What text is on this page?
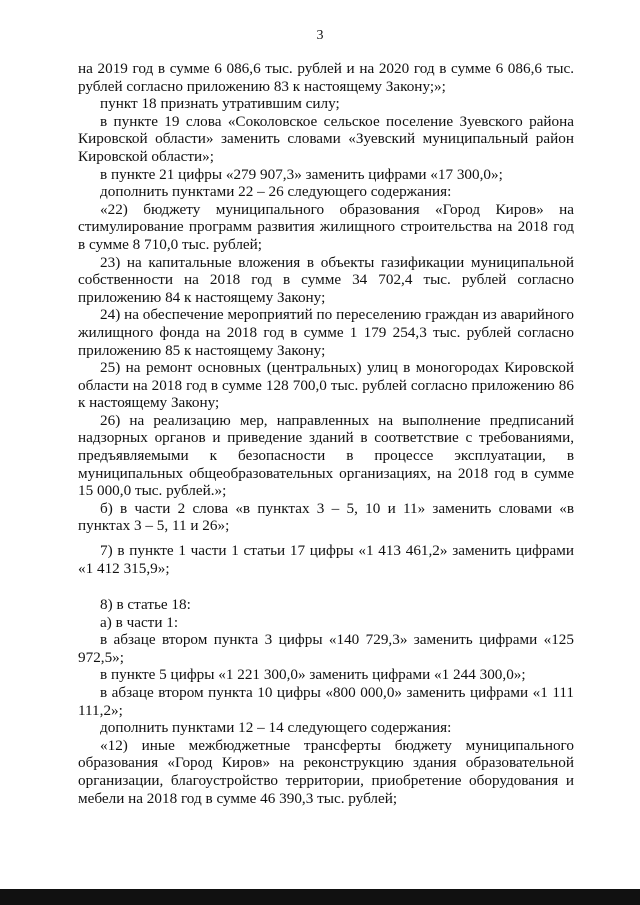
3

на 2019 год в сумме 6 086,6 тыс. рублей и на 2020 год в сумме 6 086,6 тыс. рублей согласно приложению 83 к настоящему Закону;»;

пункт 18 признать утратившим силу;

в пункте 19 слова «Соколовское сельское поселение Зуевского района Кировской области» заменить словами «Зуевский муниципальный район Кировской области»;

в пункте 21 цифры «279 907,3» заменить цифрами «17 300,0»;

дополнить пунктами 22 – 26 следующего содержания:

«22) бюджету муниципального образования «Город Киров» на стимулирование программ развития жилищного строительства на 2018 год в сумме 8 710,0 тыс. рублей;

23) на капитальные вложения в объекты газификации муниципальной собственности на 2018 год в сумме 34 702,4 тыс. рублей согласно приложению 84 к настоящему Закону;

24) на обеспечение мероприятий по переселению граждан из аварийного жилищного фонда на 2018 год в сумме 1 179 254,3 тыс. рублей согласно приложению 85 к настоящему Закону;

25) на ремонт основных (центральных) улиц в моногородах Кировской области на 2018 год в сумме 128 700,0 тыс. рублей согласно приложению 86 к настоящему Закону;

26) на реализацию мер, направленных на выполнение предписаний надзорных органов и приведение зданий в соответствие с требованиями, предъявляемыми к безопасности в процессе эксплуатации, в муниципальных общеобразовательных организациях, на 2018 год в сумме 15 000,0 тыс. рублей.»;

б) в части 2 слова «в пунктах 3 – 5, 10 и 11» заменить словами «в пунктах 3 – 5, 11 и 26»;

7) в пункте 1 части 1 статьи 17 цифры «1 413 461,2» заменить цифрами «1 412 315,9»;

8) в статье 18:

а) в части 1:

в абзаце втором пункта 3 цифры «140 729,3» заменить цифрами «125 972,5»;

в пункте 5 цифры «1 221 300,0» заменить цифрами «1 244 300,0»;

в абзаце втором пункта 10 цифры «800 000,0» заменить цифрами «1 111 111,2»;

дополнить пунктами 12 – 14 следующего содержания:

«12) иные межбюджетные трансферты бюджету муниципального образования «Город Киров» на реконструкцию здания образовательной организации, благоустройство территории, приобретение оборудования и мебели на 2018 год в сумме 46 390,3 тыс. рублей;
